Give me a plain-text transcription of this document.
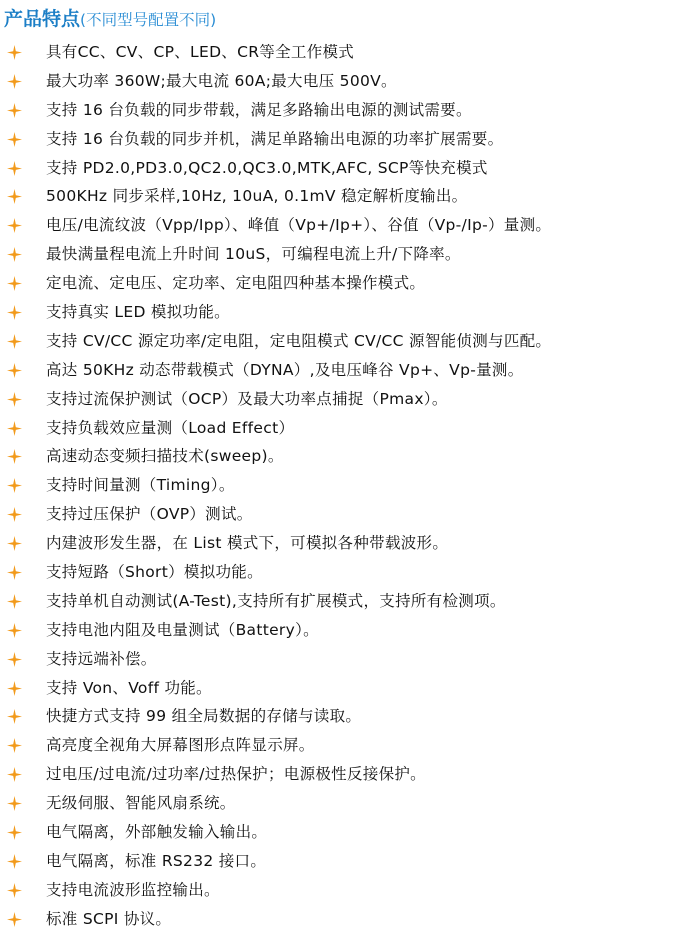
产品特点(不同型号配置不同)
具有CC、CV、CP、LED、CR等全工作模式
最大功率 360W;最大电流 60A;最大电压 500V。
支持 16 台负载的同步带载，满足多路输出电源的测试需要。
支持 16 台负载的同步并机，满足单路输出电源的功率扩展需要。
支持 PD2.0,PD3.0,QC2.0,QC3.0,MTK,AFC, SCP等快充模式
500KHz 同步采样,10Hz, 10uA, 0.1mV 稳定解析度输出。
电压/电流纹波（Vpp/Ipp）、峰值（Vp+/Ip+）、谷值（Vp-/Ip-）量测。
最快满量程电流上升时间 10uS，可编程电流上升/下降率。
定电流、定电压、定功率、定电阻四种基本操作模式。
支持真实 LED 模拟功能。
支持 CV/CC 源定功率/定电阻，定电阻模式 CV/CC 源智能侦测与匹配。
高达 50KHz 动态带载模式（DYNA）,及电压峰谷 Vp+、Vp-量测。
支持过流保护测试（OCP）及最大功率点捕捉（Pmax）。
支持负载效应量测（Load Effect）
高速动态变频扫描技术(sweep)。
支持时间量测（Timing）。
支持过压保护（OVP）测试。
内建波形发生器，在 List 模式下，可模拟各种带载波形。
支持短路（Short）模拟功能。
支持单机自动测试(A-Test),支持所有扩展模式，支持所有检测项。
支持电池内阻及电量测试（Battery）。
支持远端补偿。
支持 Von、Voff 功能。
快捷方式支持 99 组全局数据的存储与读取。
高亮度全视角大屏幕图形点阵显示屏。
过电压/过电流/过功率/过热保护；电源极性反接保护。
无级伺服、智能风扇系统。
电气隔离，外部触发输入输出。
电气隔离，标准 RS232 接口。
支持电流波形监控输出。
标准 SCPI 协议。
